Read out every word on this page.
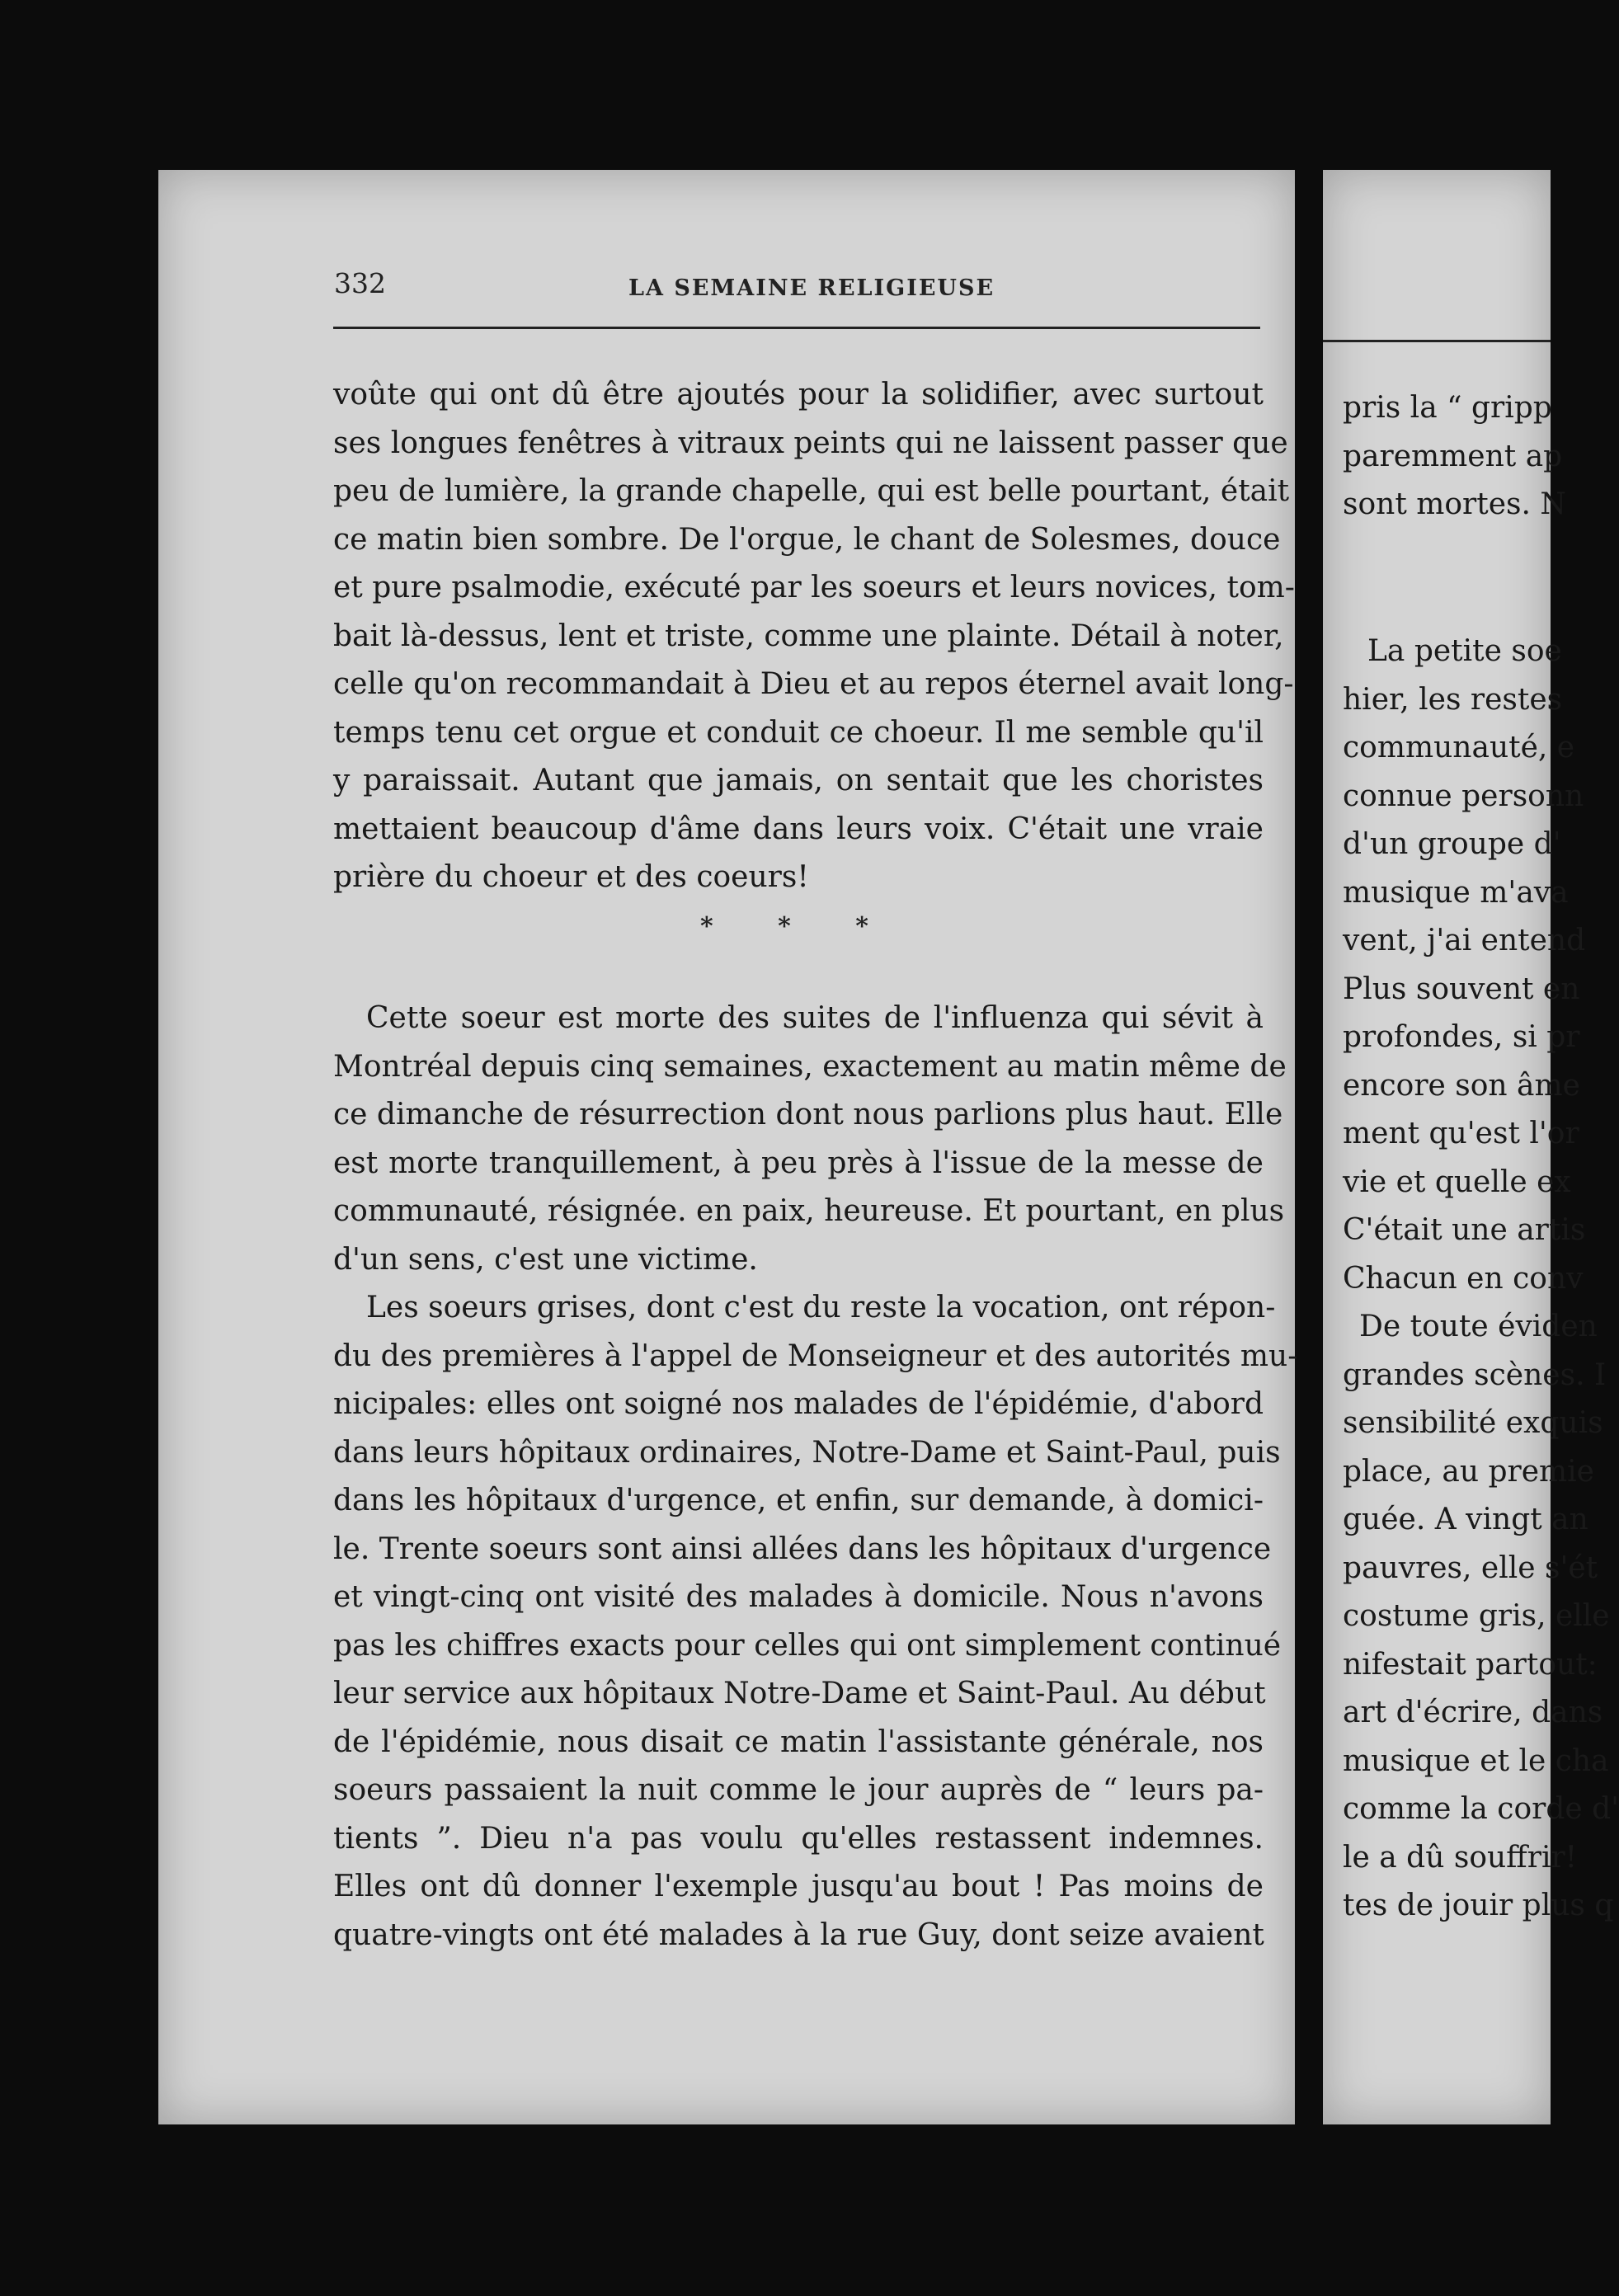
332	LA SEMAINE RELIGIEUSE
voûte qui ont dû être ajoutés pour la solidifier, avec surtout
ses longues fenêtres à vitraux peints qui ne laissent passer que
peu de lumière, la grande chapelle, qui est belle pourtant, était
ce matin bien sombre. De l'orgue, le chant de Solesmes, douce
et pure psalmodie, exécuté par les soeurs et leurs novices, tom-
bait là-dessus, lent et triste, comme une plainte. Détail à noter,
celle qu'on recommandait à Dieu et au repos éternel avait long-
temps tenu cet orgue et conduit ce choeur. Il me semble qu'il
y paraissait. Autant que jamais, on sentait que les choristes
mettaient beaucoup d'âme dans leurs voix. C'était une vraie
prière du choeur et des coeurs!
* * *
Cette soeur est morte des suites de l'influenza qui sévit à
Montréal depuis cinq semaines, exactement au matin même de
ce dimanche de résurrection dont nous parlions plus haut. Elle
est morte tranquillement, à peu près à l'issue de la messe de
communauté, résignée. en paix, heureuse. Et pourtant, en plus
d'un sens, c'est une victime.
Les soeurs grises, dont c'est du reste la vocation, ont répon-
du des premières à l'appel de Monseigneur et des autorités mu-
nicipales: elles ont soigné nos malades de l'épidémie, d'abord
dans leurs hôpitaux ordinaires, Notre-Dame et Saint-Paul, puis
dans les hôpitaux d'urgence, et enfin, sur demande, à domici-
le. Trente soeurs sont ainsi allées dans les hôpitaux d'urgence
et vingt-cinq ont visité des malades à domicile. Nous n'avons
pas les chiffres exacts pour celles qui ont simplement continué
leur service aux hôpitaux Notre-Dame et Saint-Paul. Au début
de l'épidémie, nous disait ce matin l'assistante générale, nos
soeurs passaient la nuit comme le jour auprès de “ leurs pa-
tients ”. Dieu n'a pas voulu qu'elles restassent indemnes.
Elles ont dû donner l'exemple jusqu'au bout ! Pas moins de
quatre-vingts ont été malades à la rue Guy, dont seize avaient
pris la “ gripp
paremment ap
sont mortes. N
La petite soe
hier, les restes
communauté, e
connue personn
d'un groupe d'
musique m'ava
vent, j'ai entend
Plus souvent en
profondes, si pr
encore son âme
ment qu'est l'or
vie et quelle ex
C'était une artis
Chacun en conv
De toute éviden
grandes scènes. I
sensibilité exquis
place, au premie
guée. A vingt an
pauvres, elle s'ét
costume gris, elle
nifestait partout:
art d'écrire, dans
musique et le cha
comme la corde d'
le a dû souffrir!
tes de jouir plus q
